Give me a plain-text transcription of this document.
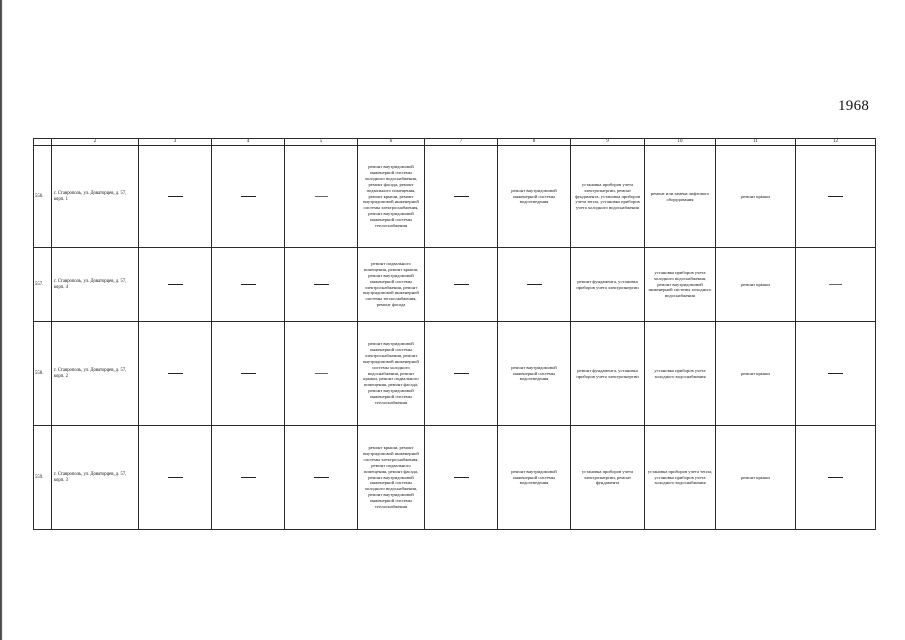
1968
	2	3	4	5	6	7	8	9	10	11	12
556.	г. Ставрополь, ул. Доваторцев, д. 57, корп. 1				ремонт внутридомовой инженерной системы холодного водоснабжения, ремонт фасада, ремонт подвального помещения, ремонт крыши, ремонт внутридомовой инженерной системы электроснабжения, ремонт внутридомовой инженерной системы теплоснабжения		ремонт внутридомовой инженерной системы водоотведения	установка приборов учета электроэнергии, ремонт фундамента, установка приборов учета тепла, установка приборов учета холодного водоснабжения	ремонт или замена лифтового оборудования	ремонт крыши	
557.	г. Ставрополь, ул. Доваторцев, д. 57, корп. 4				ремонт подвального помещения, ремонт крыши, ремонт внутридомовой инженерной системы электроснабжения, ремонт внутридомовой инженерной системы теплоснабжения, ремонт фасада			ремонт фундамента, установка приборов учета электроэнергии	установка приборов учета холодного водоснабжения, ремонт внутридомовой инженерной системы холодного водоснабжения	ремонт крыши	
558.	г. Ставрополь, ул. Доваторцев, д. 57, корп. 2				ремонт внутридомовой инженерной системы электроснабжения, ремонт внутридомовой инженерной системы холодного водоснабжения, ремонт крыши, ремонт подвального помещения, ремонт фасада, ремонт внутридомовой инженерной системы теплоснабжения		ремонт внутридомовой инженерной системы водоотведения	ремонт фундамента, установка приборов учета электроэнергии	установка приборов учета холодного водоснабжения	ремонт крыши	
559.	г. Ставрополь, ул. Доваторцев, д. 57, корп. 3				ремонт крыши, ремонт внутридомовой инженерной системы электроснабжения, ремонт подвального помещения, ремонт фасада, ремонт внутридомовой инженерной системы холодного водоснабжения, ремонт внутридомовой инженерной системы теплоснабжения		ремонт внутридомовой инженерной системы водоотведения	установка приборов учета электроэнергии, ремонт фундамента	установка приборов учета тепла, установка приборов учета холодного водоснабжения	ремонт крыши	
